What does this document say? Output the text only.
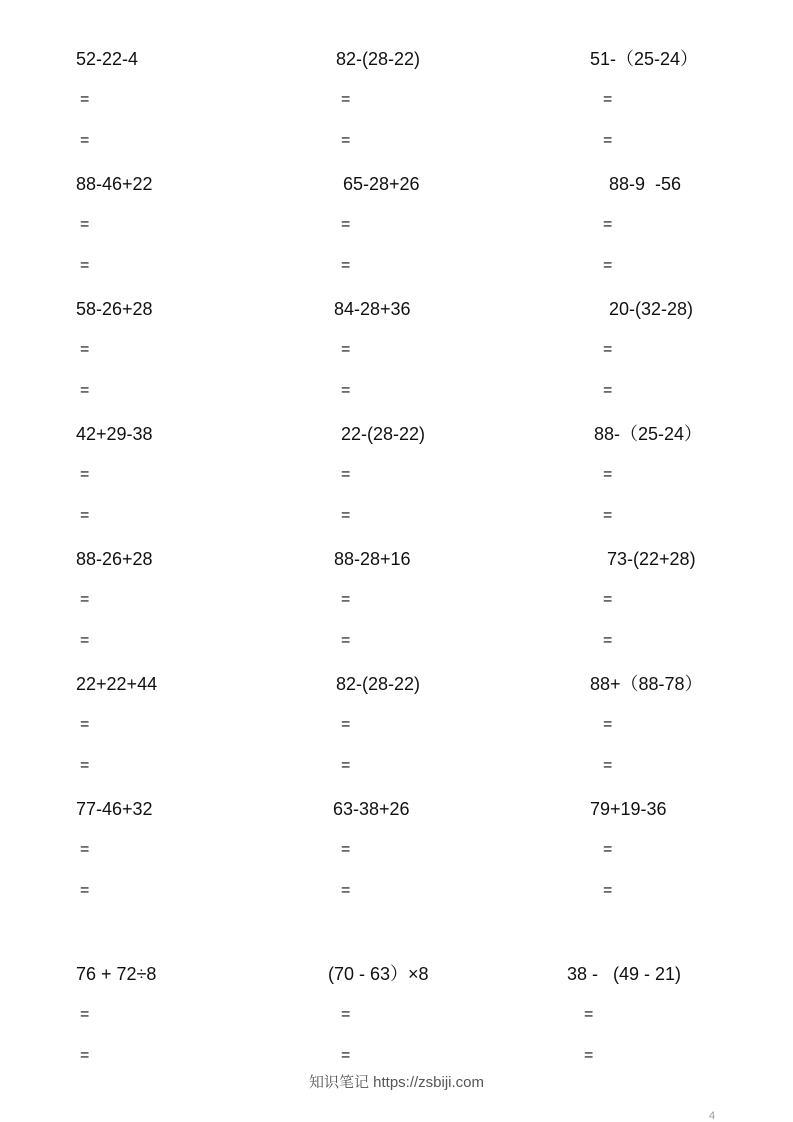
52-22-4
=
=
82-(28-22)
=
=
51-（25-24）
=
=
88-46+22
=
=
65-28+26
=
=
88-9  -56
=
=
58-26+28
=
=
84-28+36
=
=
20-(32-28)
=
=
42+29-38
=
=
22-(28-22)
=
=
88-（25-24）
=
=
88-26+28
=
=
88-28+16
=
=
73-(22+28)
=
=
22+22+44
=
=
82-(28-22)
=
=
88+（88-78）
=
=
77-46+32
=
=
63-38+26
=
=
79+19-36
=
=
76 + 72÷8
=
=
(70 - 63）×8
=
=
38 -   (49 - 21)
=
=
知识笔记 https://zsbiji.com
4
